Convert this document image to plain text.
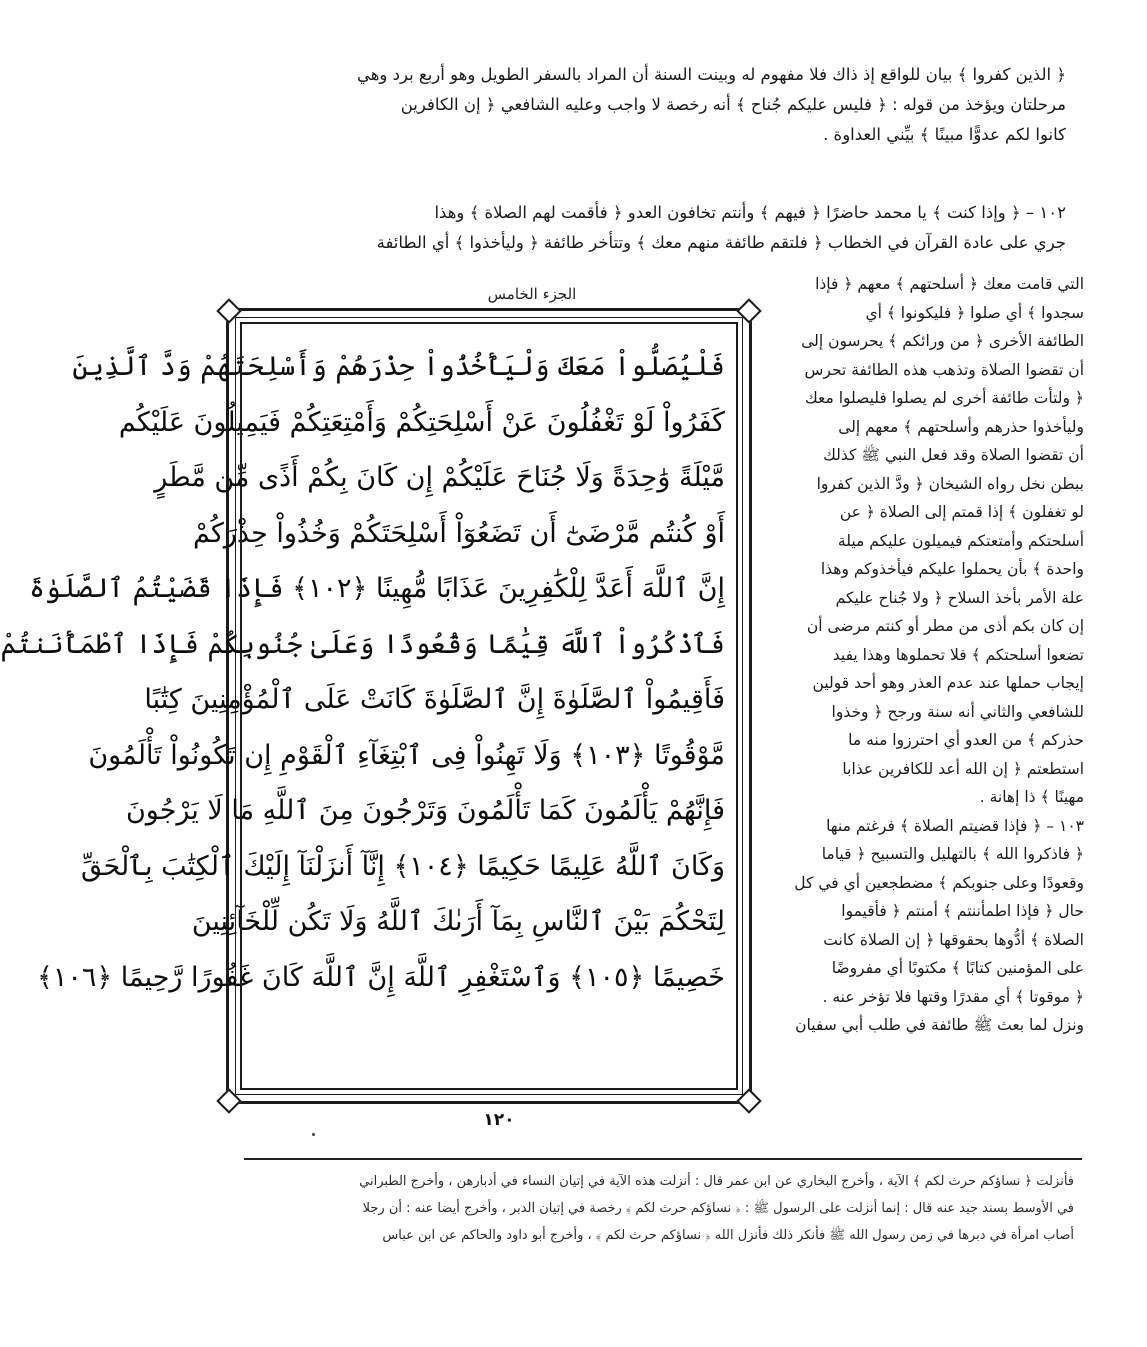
﴿ الذين كفروا ﴾ بيان للواقع إذ ذاك فلا مفهوم له وبينت السنة أن المراد بالسفر الطويل وهو أربع برد وهي
مرحلتان ويؤخذ من قوله : ﴿ فليس عليكم جُناح ﴾ أنه رخصة لا واجب وعليه الشافعي ﴿ إن الكافرين
كانوا لكم عدوًّا مبينًا ﴾ بيِّني العداوة .
١٠٢ – ﴿ وإذا كنت ﴾ يا محمد حاضرًا ﴿ فيهم ﴾ وأنتم تخافون العدو ﴿ فأقمت لهم الصلاة ﴾ وهذا
جري على عادة القرآن في الخطاب ﴿ فلتقم طائفة منهم معك ﴾ وتتأخر طائفة ﴿ وليأخذوا ﴾ أي الطائفة
الجزء الخامس
فَلْيُصَلُّواْ مَعَكَ وَلْيَأْخُذُواْ حِذْرَهُمْ وَأَسْلِحَتَهُمْ وَدَّ ٱلَّذِينَ
كَفَرُواْ لَوْ تَغْفُلُونَ عَنْ أَسْلِحَتِكُمْ وَأَمْتِعَتِكُمْ فَيَمِيلُونَ عَلَيْكُم
مَّيْلَةً وَٰحِدَةً وَلَا جُنَاحَ عَلَيْكُمْ إِن كَانَ بِكُمْ أَذًى مِّن مَّطَرٍ
أَوْ كُنتُم مَّرْضَىٰٓ أَن تَضَعُوٓاْ أَسْلِحَتَكُمْ وَخُذُواْ حِذْرَكُمْ
إِنَّ ٱللَّهَ أَعَدَّ لِلْكَٰفِرِينَ عَذَابًا مُّهِينًا ﴿١٠٢﴾ فَإِذَا قَضَيْتُمُ ٱلصَّلَوٰةَ
فَٱذْكُرُواْ ٱللَّهَ قِيَٰمًا وَقُعُودًا وَعَلَىٰ جُنُوبِكُمْ فَإِذَا ٱطْمَأْنَنتُمْ
فَأَقِيمُواْ ٱلصَّلَوٰةَ إِنَّ ٱلصَّلَوٰةَ كَانَتْ عَلَى ٱلْمُؤْمِنِينَ كِتَٰبًا
مَّوْقُوتًا ﴿١٠٣﴾ وَلَا تَهِنُواْ فِى ٱبْتِغَآءِ ٱلْقَوْمِ إِن تَكُونُواْ تَأْلَمُونَ
فَإِنَّهُمْ يَأْلَمُونَ كَمَا تَأْلَمُونَ وَتَرْجُونَ مِنَ ٱللَّهِ مَا لَا يَرْجُونَ
وَكَانَ ٱللَّهُ عَلِيمًا حَكِيمًا ﴿١٠٤﴾ إِنَّآ أَنزَلْنَآ إِلَيْكَ ٱلْكِتَٰبَ بِٱلْحَقِّ
لِتَحْكُمَ بَيْنَ ٱلنَّاسِ بِمَآ أَرَىٰكَ ٱللَّهُ وَلَا تَكُن لِّلْخَآئِنِينَ
خَصِيمًا ﴿١٠٥﴾ وَٱسْتَغْفِرِ ٱللَّهَ إِنَّ ٱللَّهَ كَانَ غَفُورًا رَّحِيمًا ﴿١٠٦﴾
التي قامت معك ﴿ أسلحتهم ﴾ معهم ﴿ فإذا
سجدوا ﴾ أي صلوا ﴿ فليكونوا ﴾ أي
الطائفة الأخرى ﴿ من ورائكم ﴾ يحرسون إلى
أن تقضوا الصلاة وتذهب هذه الطائفة تحرس
﴿ ولتأت طائفة أخرى لم يصلوا فليصلوا معك
وليأخذوا حذرهم وأسلحتهم ﴾ معهم إلى
أن تقضوا الصلاة وقد فعل النبي ﷺ كذلك
ببطن نخل رواه الشيخان ﴿ ودَّ الذين كفروا
لو تغفلون ﴾ إذا قمتم إلى الصلاة ﴿ عن
أسلحتكم وأمتعتكم فيميلون عليكم ميلة
واحدة ﴾ بأن يحملوا عليكم فيأخذوكم وهذا
علة الأمر بأخذ السلاح ﴿ ولا جُناح عليكم
إن كان بكم أذى من مطر أو كنتم مرضى أن
تضعوا أسلحتكم ﴾ فلا تحملوها وهذا يفيد
إيجاب حملها عند عدم العذر وهو أحد قولين
للشافعي والثاني أنه سنة ورجح ﴿ وخذوا
حذركم ﴾ من العدو أي احترزوا منه ما
استطعتم ﴿ إن الله أعد للكافرين عذابا
مهينًا ﴾ ذا إهانة .
١٠٣ – ﴿ فإذا قضيتم الصلاة ﴾ فرغتم منها
﴿ فاذكروا الله ﴾ بالتهليل والتسبيح ﴿ قياما
وقعودًا وعلى جنوبكم ﴾ مضطجعين أي في كل
حال ﴿ فإذا اطمأننتم ﴾ أمنتم ﴿ فأقيموا
الصلاة ﴾ أدُّوها بحقوقها ﴿ إن الصلاة كانت
على المؤمنين كتابًا ﴾ مكتوبًا أي مفروضًا
﴿ موقوتا ﴾ أي مقدرًا وقتها فلا تؤخر عنه .
ونزل لما بعث ﷺ طائفة في طلب أبي سفيان
١٢٠
فأنزلت ﴿ نساؤكم حرث لكم ﴾ الآية ، وأخرج البخاري عن ابن عمر قال : أنزلت هذه الآية في إتيان النساء في أدبارهن ، وأخرج الطبراني
في الأوسط بسند جيد عنه قال : إنما أنزلت على الرسول ﷺ : ﴿ نساؤكم حرث لكم ﴾ رخصة في إتيان الدبر ، وأخرج أيضا عنه : أن رجلا
أصاب امرأة في دبرها في زمن رسول الله ﷺ فأنكر ذلك فأنزل الله ﴿ نساؤكم حرث لكم ﴾ ، وأخرج أبو داود والحاكم عن ابن عباس
